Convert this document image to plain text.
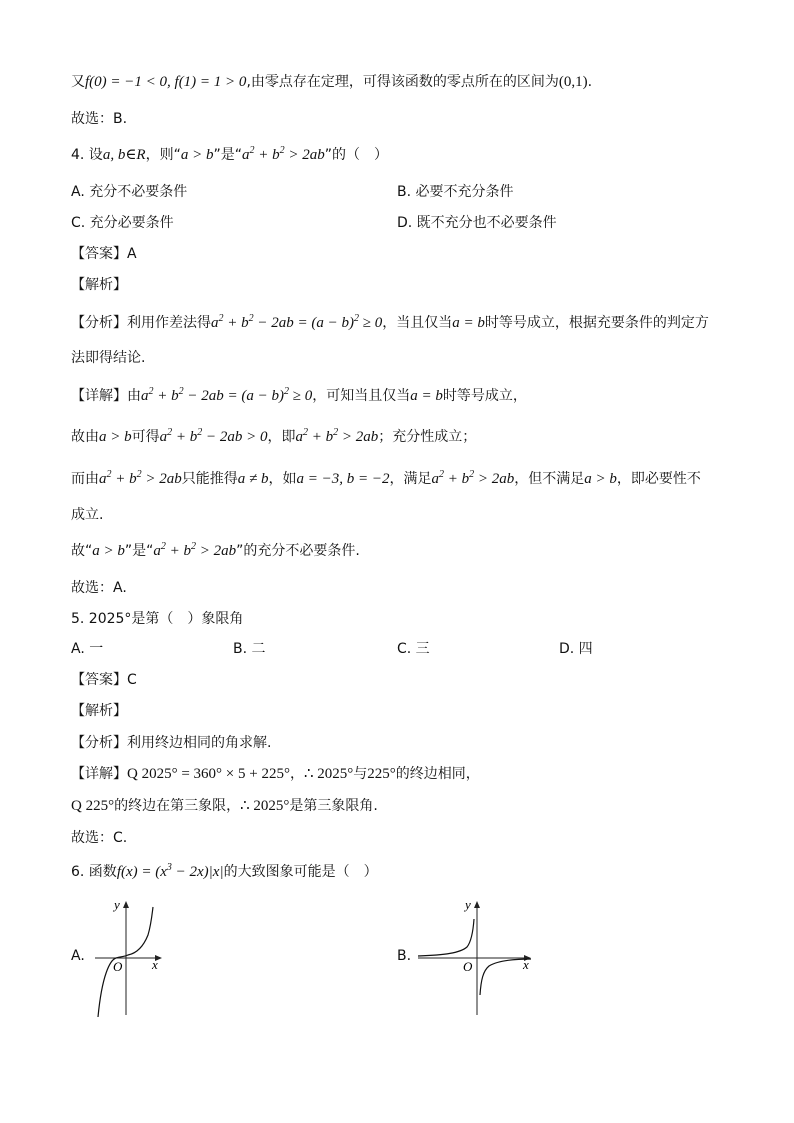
又f(0) = −1 < 0, f(1) = 1 > 0,由零点存在定理，可得该函数的零点所在的区间为(0,1).
故选：B.
4. 设a, b∈R，则“a > b”是“$a^2 + b^2 > 2ab$”的（　）
A. 充分不必要条件	B. 必要不充分条件
C. 充分必要条件	D. 既不充分也不必要条件
【答案】A
【解析】
【分析】利用作差法得$a^2 + b^2 - 2ab = (a - b)^2 \ge 0$，当且仅当a = b时等号成立，根据充要条件的判定方
法即得结论.
【详解】由$a^2 + b^2 - 2ab = (a - b)^2 \ge 0$，可知当且仅当a = b时等号成立，
故由a > b可得$a^2 + b^2 - 2ab > 0$，即$a^2 + b^2 > 2ab$；充分性成立；
而由$a^2 + b^2 > 2ab$只能推得a ≠ b，如a = −3, b = −2，满足$a^2 + b^2 > 2ab$，但不满足a > b，即必要性不
成立.
故“a > b”是“$a^2 + b^2 > 2ab$”的充分不必要条件.
故选：A.
5. 2025°是第（　）象限角
A. 一	B. 二	C. 三	D. 四
【答案】C
【解析】
【分析】利用终边相同的角求解.
【详解】Q 2025° = 360° × 5 + 225°，∴ 2025°与225°的终边相同，
Q 225°的终边在第三象限，∴ 2025°是第三象限角.
故选：C.
6. 函数$f(x) = (x^3 - 2x)|x|$的大致图象可能是（　）
A.
y
x
O
B.
y
x
O
